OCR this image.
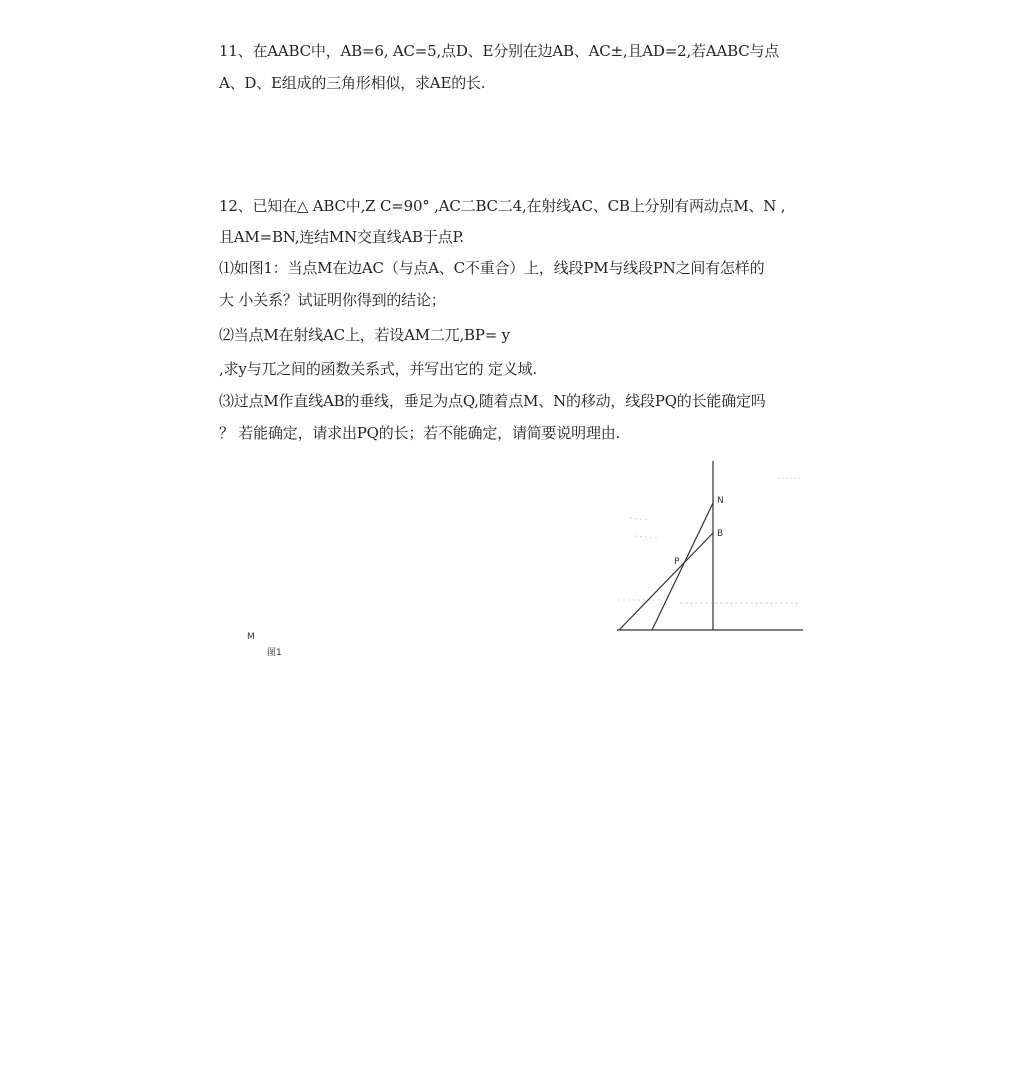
11、在AABC中，AB=6, AC=5,点D、E分别在边AB、AC±,且AD=2,若AABC与点
A、D、E组成的三角形相似，求AE的长.
12、已知在△ ABC中,Z C=90° ,AC二BC二4,在射线AC、CB上分别有两动点M、N ,
且AM=BN,连结MN交直线AB于点P.
⑴如图1：当点M在边AC（与点A、C不重合）上，线段PM与线段PN之间有怎样的
大 小关系？试证明你得到的结论；
⑵当点M在射线AC上，若设AM二兀,BP= y
,求y与兀之间的函数关系式，并写出它的 定义域.
⑶过点M作直线AB的垂线，垂足为点Q,随着点M、N的移动，线段PQ的长能确定吗
？ 若能确定，请求出PQ的长；若不能确定，请简要说明理由.
N
B
P
M
图1
